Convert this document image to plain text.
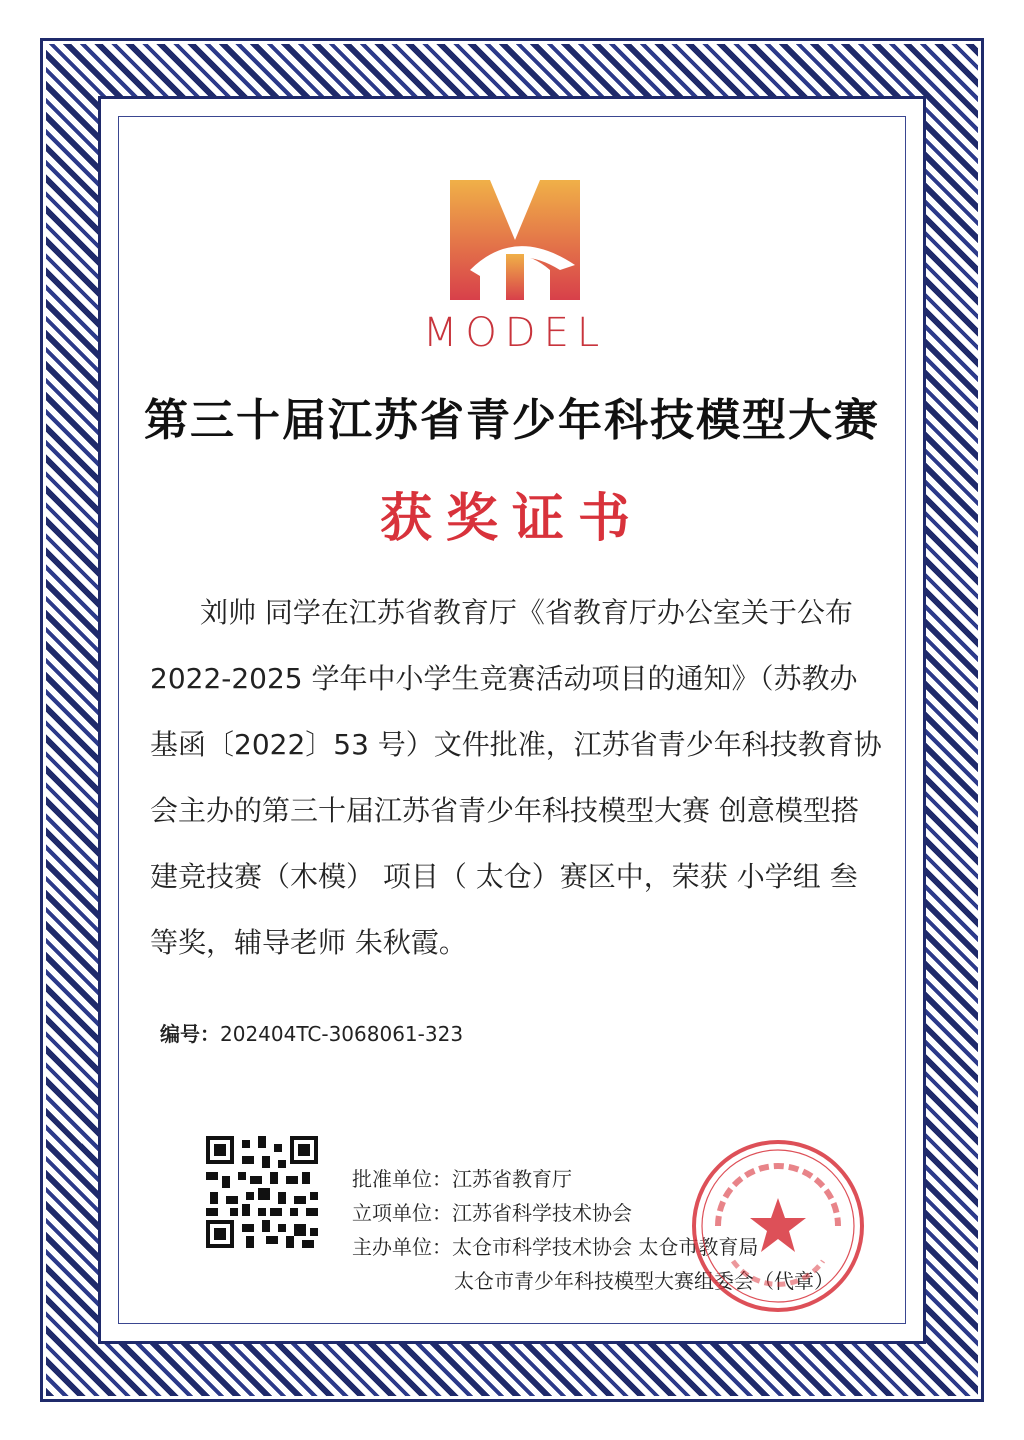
MODEL
第三十届江苏省青少年科技模型大赛
获奖证书
刘帅 同学在江苏省教育厅《省教育厅办公室关于公布
2022-2025 学年中小学生竞赛活动项目的通知》（苏教办
基函〔2022〕53 号）文件批准，江苏省青少年科技教育协
会主办的第三十届江苏省青少年科技模型大赛 创意模型搭
建竞技赛（木模） 项目（ 太仓）赛区中，荣获 小学组 叁
等奖，辅导老师 朱秋霞。
编号：202404TC-3068061-323
批准单位：江苏省教育厅
立项单位：江苏省科学技术协会
主办单位：太仓市科学技术协会 太仓市教育局
太仓市青少年科技模型大赛组委会（代章）
